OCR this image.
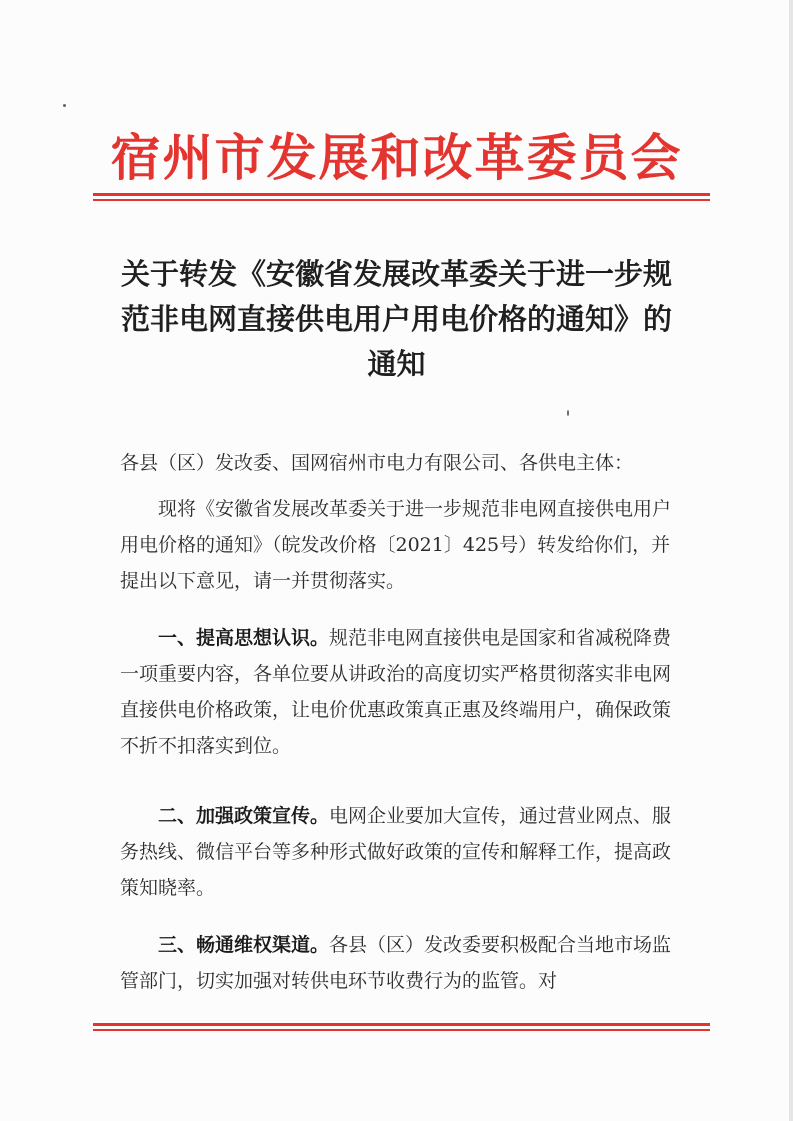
宿州市发展和改革委员会
关于转发《安徽省发展改革委关于进一步规
范非电网直接供电用户用电价格的通知》的
通知
各县（区）发改委、国网宿州市电力有限公司、各供电主体：
现将《安徽省发展改革委关于进一步规范非电网直接供电用户用电价格的通知》（皖发改价格〔2021〕425号）转发给你们，并提出以下意见，请一并贯彻落实。
一、提高思想认识。规范非电网直接供电是国家和省减税降费一项重要内容，各单位要从讲政治的高度切实严格贯彻落实非电网直接供电价格政策，让电价优惠政策真正惠及终端用户，确保政策不折不扣落实到位。
二、加强政策宣传。电网企业要加大宣传，通过营业网点、服务热线、微信平台等多种形式做好政策的宣传和解释工作，提高政策知晓率。
三、畅通维权渠道。各县（区）发改委要积极配合当地市场监管部门，切实加强对转供电环节收费行为的监管。对
